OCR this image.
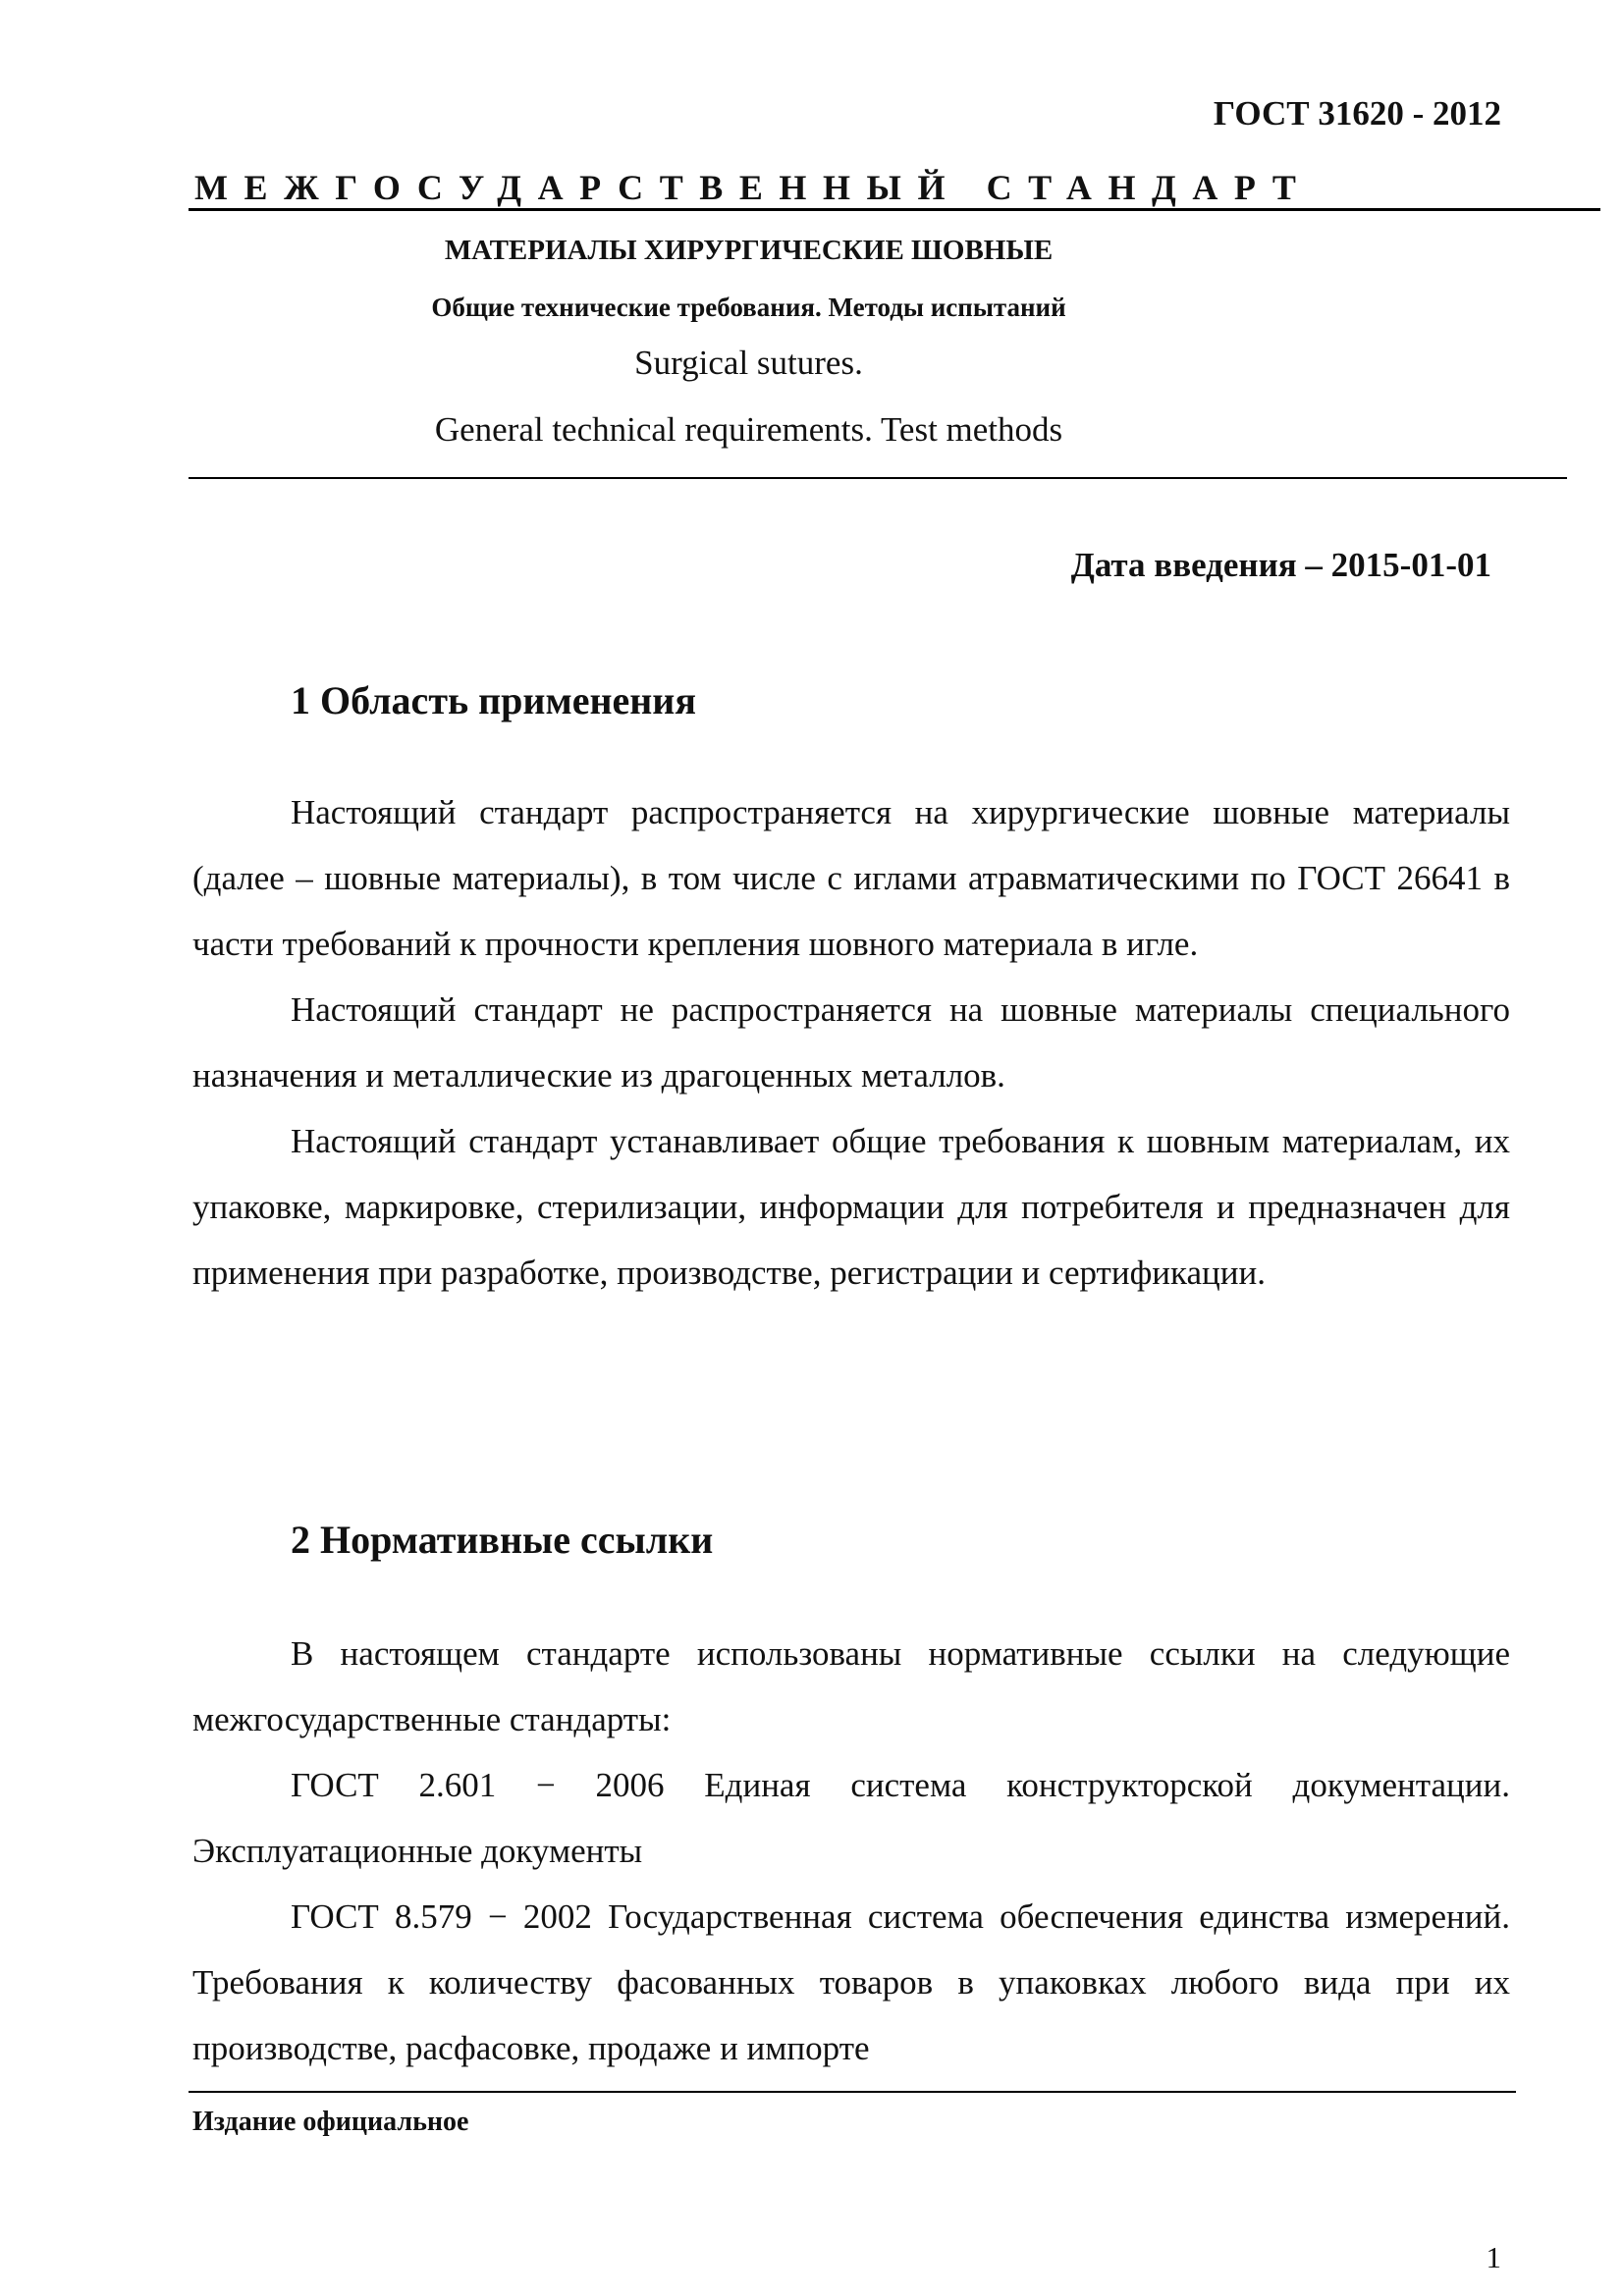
ГОСТ 31620 - 2012
МЕЖГОСУДАРСТВЕННЫЙ СТАНДАРТ
МАТЕРИАЛЫ ХИРУРГИЧЕСКИЕ ШОВНЫЕ
Общие технические требования. Методы испытаний
Surgical sutures.
General technical requirements. Test methods
Дата введения – 2015-01-01
1 Область применения

Настоящий стандарт распространяется на хирургические шовные материалы (далее – шовные материалы), в том числе с иглами атравматическими по ГОСТ 26641 в части требований к прочности крепления шовного материала в игле.

Настоящий стандарт не распространяется на шовные материалы специального назначения и металлические из драгоценных металлов.

Настоящий стандарт устанавливает общие требования к шовным материалам, их упаковке, маркировке, стерилизации, информации для потребителя и предназначен для применения при разработке, производстве, регистрации и сертификации.

2 Нормативные ссылки

В настоящем стандарте использованы нормативные ссылки на следующие межгосударственные стандарты:

ГОСТ 2.601 − 2006 Единая система конструкторской документации. Эксплуатационные документы

ГОСТ 8.579 − 2002 Государственная система обеспечения единства измерений. Требования к количеству фасованных товаров в упаковках любого вида при их производстве, расфасовке, продаже и импорте

Издание официальное
1
